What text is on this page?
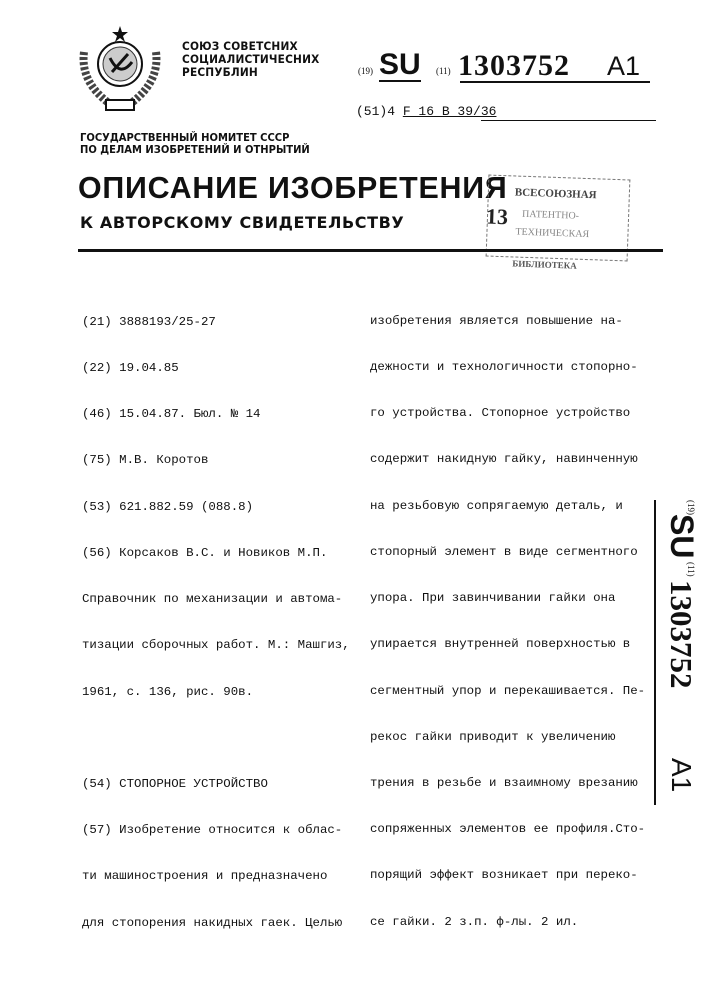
СОЮЗ СОВЕТСНИХ
СОЦИАЛИСТИЧЕСНИХ
РЕСПУБЛИН	(19) SU (11) 1303752 A1
(51)4 F 16 B 39/36
ГОСУДАРСТВЕННЫЙ НОМИТЕТ СССР
ПО ДЕЛАМ ИЗОБРЕТЕНИЙ И ОТНРЫТИЙ
ОПИСАНИЕ ИЗОБРЕТЕНИЯ
К АВТОРСКОМУ СВИДЕТЕЛЬСТВУ
ВСЕСОЮЗНАЯ
13 ПАТЕНТНО-
ТЕХНИЧЕСКАЯ
БИБЛИОТЕКА

(21) 3888193/25-27

(22) 19.04.85

(46) 15.04.87. Бюл. № 14

(75) М.В. Коротов

(53) 621.882.59 (088.8)

(56) Корсаков В.С. и Новиков М.П.

Справочник по механизации и автома-

тизации сборочных работ. М.: Машгиз,

1961, с. 136, рис. 90в.

(54) СТОПОРНОЕ УСТРОЙСТВО

(57) Изобретение относится к облас-

ти машиностроения и предназначено

для стопорения накидных гаек. Целью

изобретения является повышение на-

дежности и технологичности стопорно-

го устройства. Стопорное устройство

содержит накидную гайку, навинченную

на резьбовую сопрягаемую деталь, и

стопорный элемент в виде сегментного

упора. При завинчивании гайки она

упирается внутренней поверхностью в

сегментный упор и перекашивается. Пе-

рекос гайки приводит к увеличению

трения в резьбе и взаимному врезанию

сопряженных элементов ее профиля.Сто-

порящий эффект возникает при переко-

се гайки. 2 з.п. ф-лы. 2 ил.

(19)
SU
(11)
1303752
A1
